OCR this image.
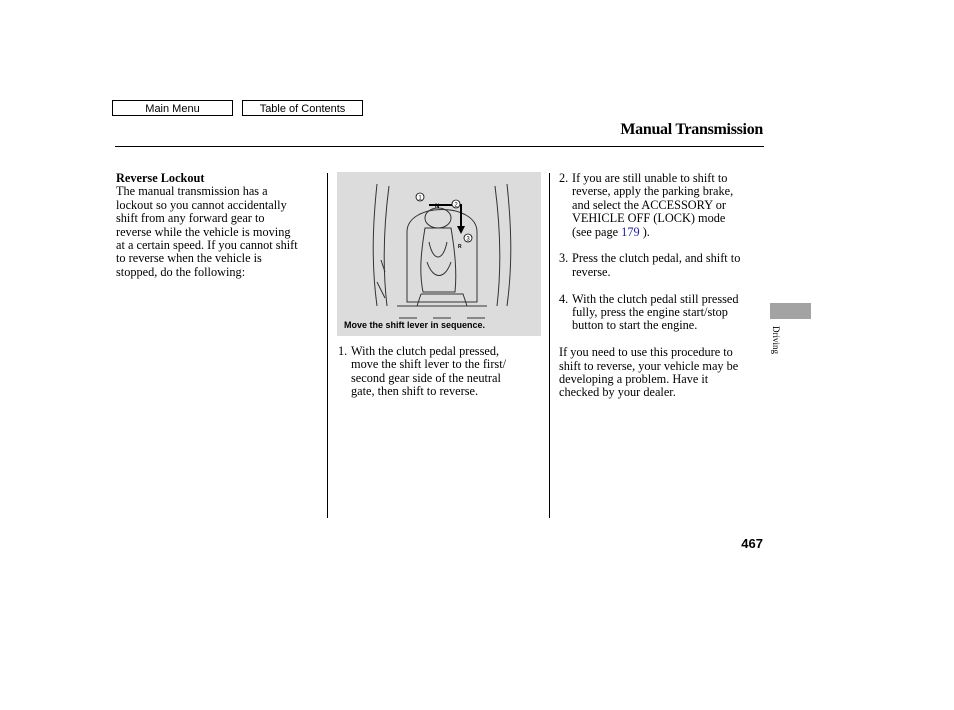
Main Menu	Table of Contents
Manual Transmission
Reverse Lockout
The manual transmission has a
lockout so you cannot accidentally
shift from any forward gear to
reverse while the vehicle is moving
at a certain speed. If you cannot shift
to reverse when the vehicle is
stopped, do the following:
1
2
3
N
R
Move the shift lever in sequence.
1. With the clutch pedal pressed,
move the shift lever to the first/
second gear side of the neutral
gate, then shift to reverse.
2. If you are still unable to shift to
reverse, apply the parking brake,
and select the ACCESSORY or
VEHICLE OFF (LOCK) mode
(see page 179 ).
3. Press the clutch pedal, and shift to
reverse.
4. With the clutch pedal still pressed
fully, press the engine start/stop
button to start the engine.
If you need to use this procedure to
shift to reverse, your vehicle may be
developing a problem. Have it
checked by your dealer.
Driving
467
